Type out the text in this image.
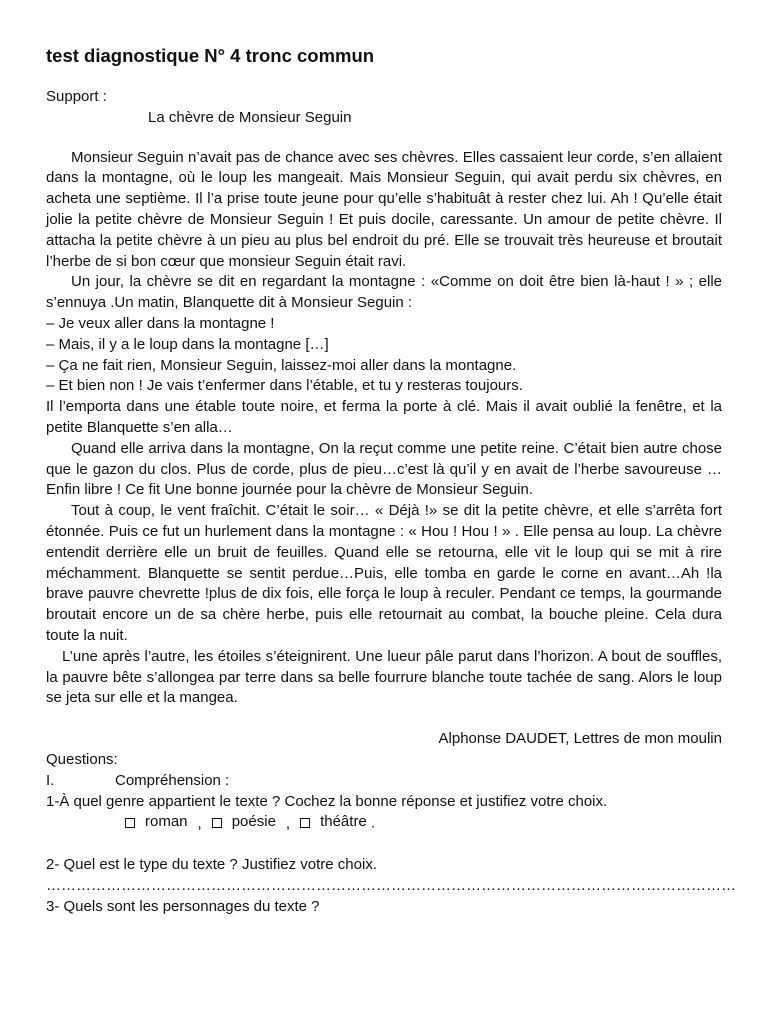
test diagnostique N° 4 tronc commun

Support :

La chèvre de Monsieur Seguin

Monsieur Seguin n’avait pas de chance avec ses chèvres. Elles cassaient leur corde, s’en allaient dans la montagne, où le loup les mangeait. Mais Monsieur Seguin, qui avait perdu six chèvres, en acheta une septième. Il l’a prise toute jeune pour qu’elle s’habituât à rester chez lui. Ah ! Qu’elle était jolie la petite chèvre de Monsieur Seguin ! Et puis docile, caressante. Un amour de petite chèvre. Il attacha la petite chèvre à un pieu au plus bel endroit du pré. Elle se trouvait très heureuse et broutait l’herbe de si bon cœur que monsieur Seguin était ravi.

Un jour, la chèvre se dit en regardant la montagne : «Comme on doit être bien là-haut ! » ; elle s’ennuya .Un matin, Blanquette dit à Monsieur Seguin :

– Je veux aller dans la montagne !

– Mais, il y a le loup dans la montagne […]

– Ça ne fait rien, Monsieur Seguin, laissez-moi aller dans la montagne.

– Et bien non ! Je vais t’enfermer dans l’étable, et tu y resteras toujours.

Il l’emporta dans une étable toute noire, et ferma la porte à clé. Mais il avait oublié la fenêtre, et la petite Blanquette s’en alla…

Quand elle arriva dans la montagne, On la reçut comme une petite reine. C’était bien autre chose que le gazon du clos. Plus de corde, plus de pieu…c’est là qu’il y en avait de l’herbe savoureuse …Enfin libre ! Ce fit Une bonne journée pour la chèvre de Monsieur Seguin.

Tout à coup, le vent fraîchit. C’était le soir… « Déjà !» se dit la petite chèvre, et elle s’arrêta fort étonnée. Puis ce fut un hurlement dans la montagne : « Hou ! Hou ! » . Elle pensa au loup. La chèvre entendit derrière elle un bruit de feuilles. Quand elle se retourna, elle vit le loup qui se mit à rire méchamment. Blanquette se sentit perdue…Puis, elle tomba en garde le corne en avant…Ah !la brave pauvre chevrette !plus de dix fois, elle força le loup à reculer. Pendant ce temps, la gourmande broutait encore un de sa chère herbe, puis elle retournait au combat, la bouche pleine. Cela dura toute la nuit.

L’une après l’autre, les étoiles s’éteignirent. Une lueur pâle parut dans l’horizon. A bout de souffles, la pauvre bête s’allongea par terre dans sa belle fourrure blanche toute tachée de sang. Alors le loup se jeta sur elle et la mangea.

Alphonse DAUDET, Lettres de mon moulin

Questions:

I.	Compréhension :

1-À quel genre appartient le texte ? Cochez la bonne réponse et justifiez votre choix.

roman , poésie , théâtre .

2- Quel est le type du texte ? Justifiez votre choix.

…………………………………………………………………………………………………………………………

3- Quels sont les personnages du texte ?
